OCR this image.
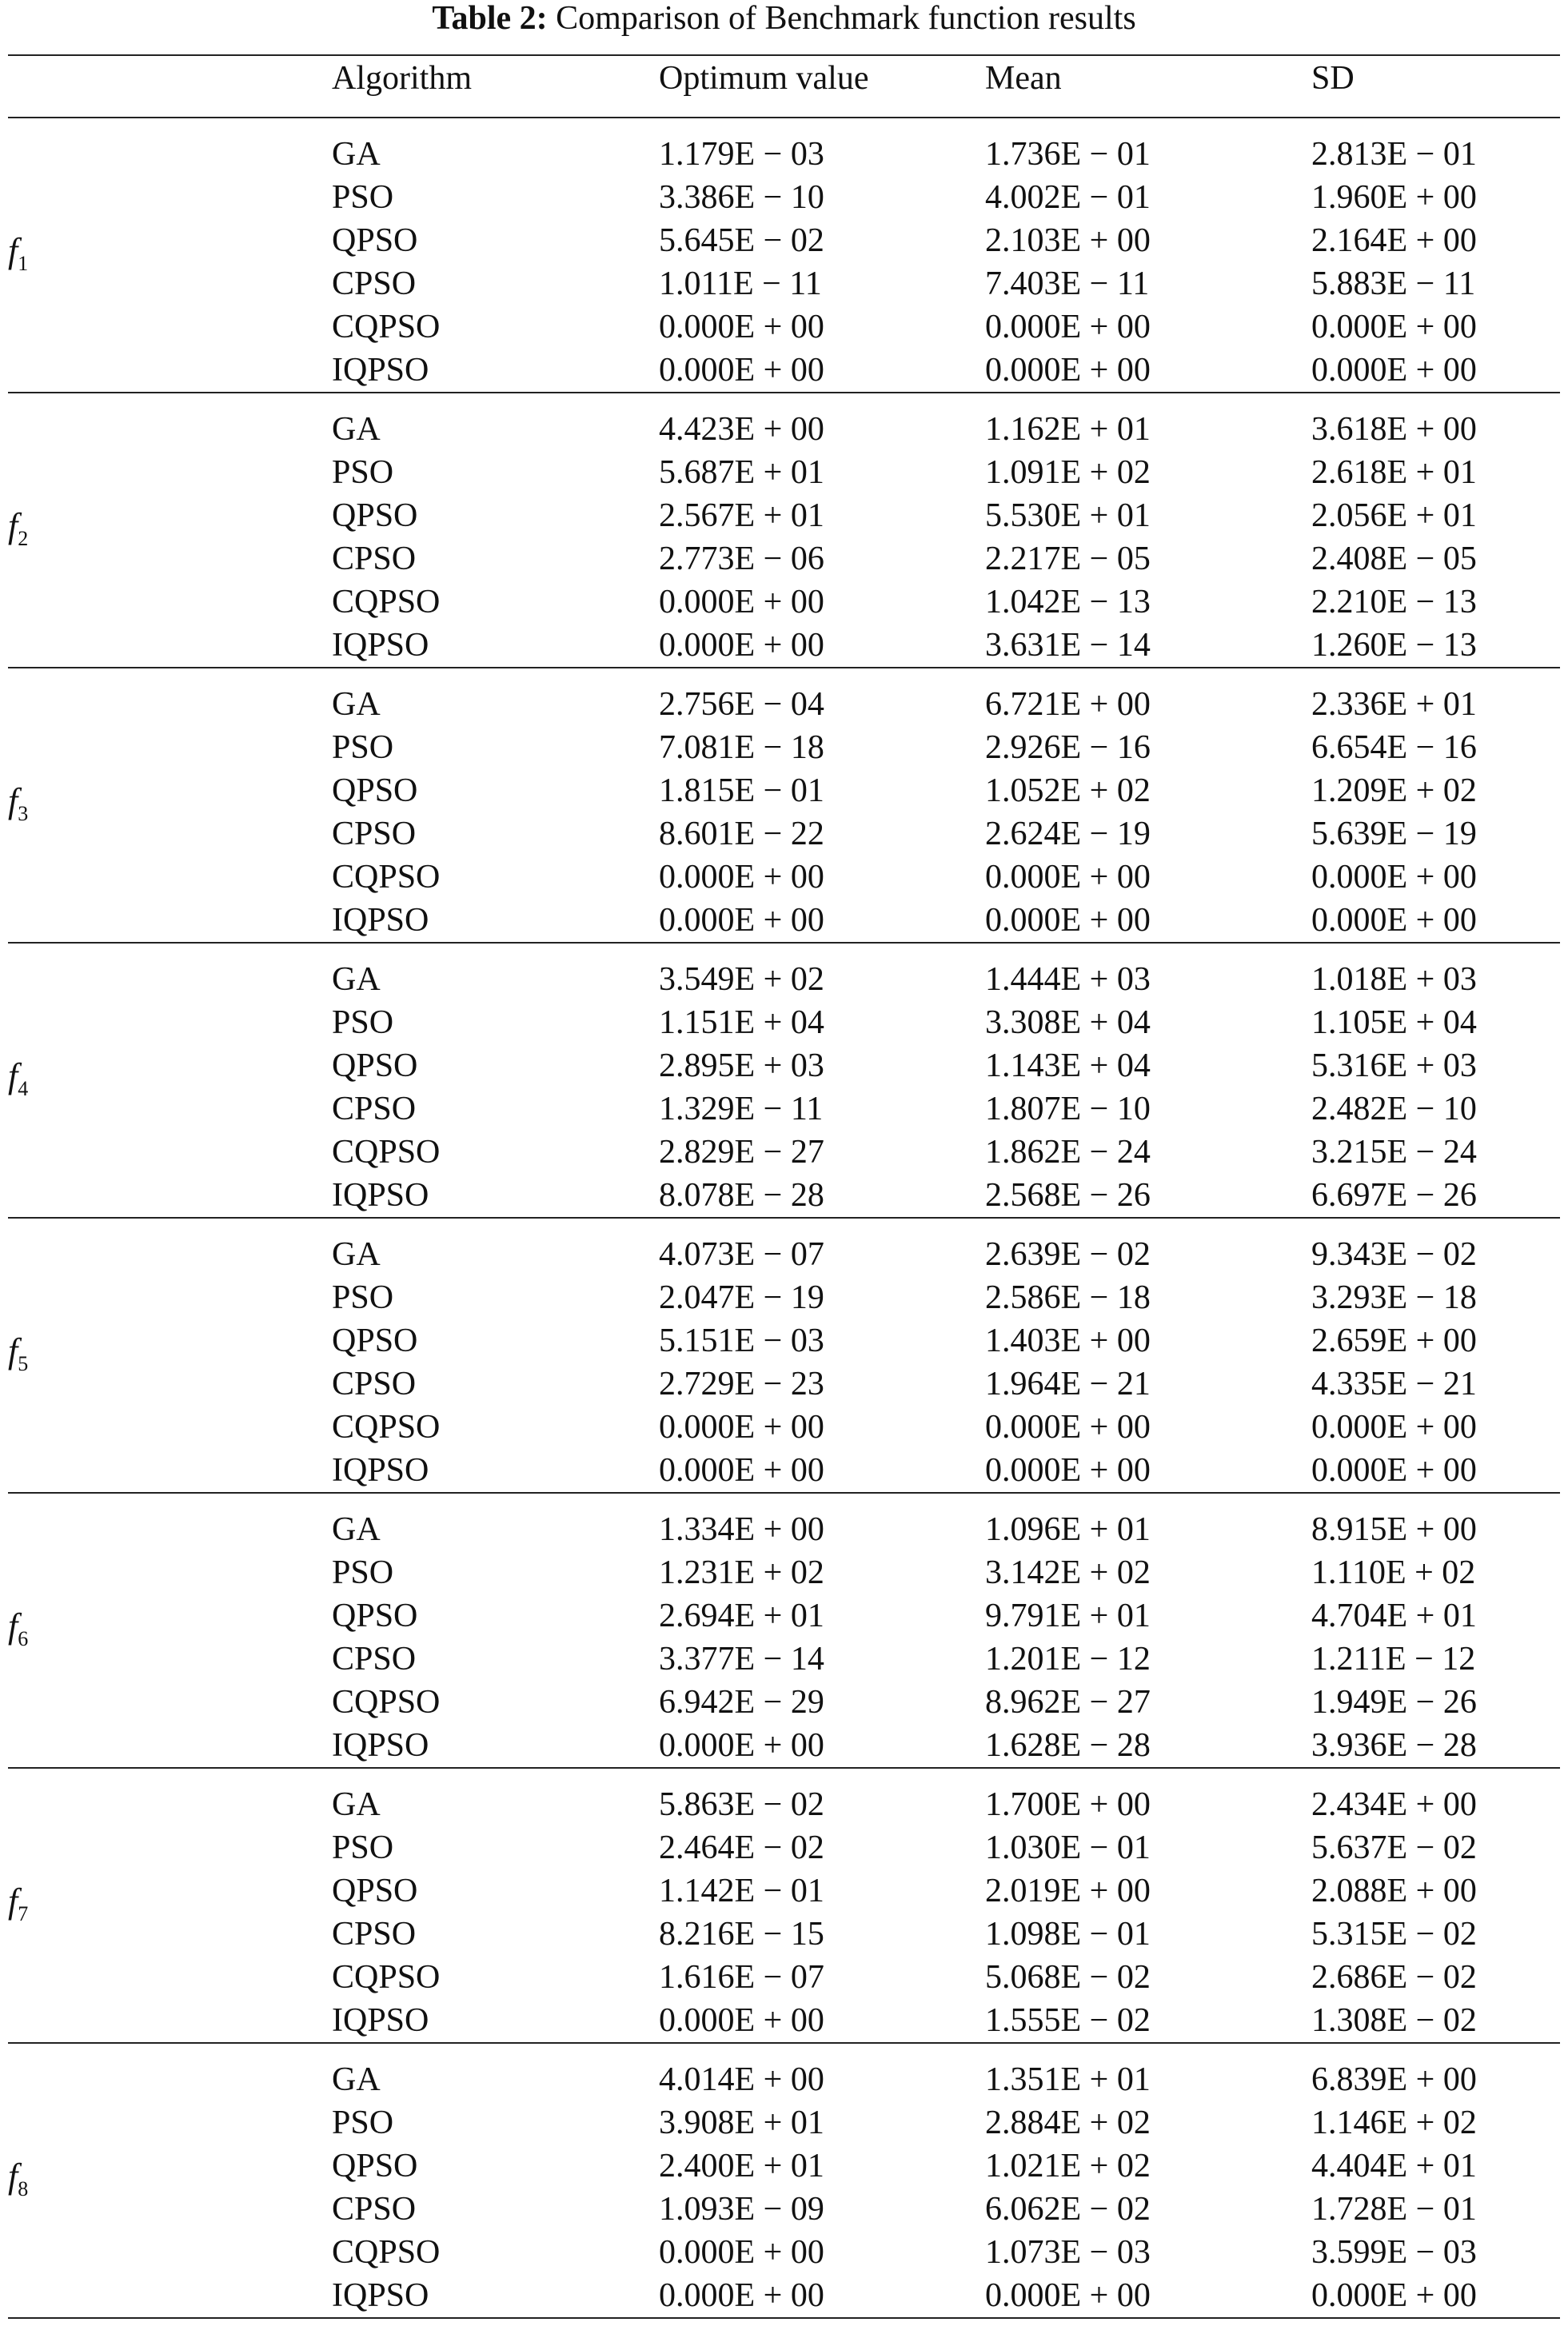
Table 2: Comparison of Benchmark function results
Algorithm	Optimum value	Mean	SD
$f_1$
GA	1.179E − 03	1.736E − 01	2.813E − 01
PSO	3.386E − 10	4.002E − 01	1.960E + 00
QPSO	5.645E − 02	2.103E + 00	2.164E + 00
CPSO	1.011E − 11	7.403E − 11	5.883E − 11
CQPSO	0.000E + 00	0.000E + 00	0.000E + 00
IQPSO	0.000E + 00	0.000E + 00	0.000E + 00
$f_2$
GA	4.423E + 00	1.162E + 01	3.618E + 00
PSO	5.687E + 01	1.091E + 02	2.618E + 01
QPSO	2.567E + 01	5.530E + 01	2.056E + 01
CPSO	2.773E − 06	2.217E − 05	2.408E − 05
CQPSO	0.000E + 00	1.042E − 13	2.210E − 13
IQPSO	0.000E + 00	3.631E − 14	1.260E − 13
$f_3$
GA	2.756E − 04	6.721E + 00	2.336E + 01
PSO	7.081E − 18	2.926E − 16	6.654E − 16
QPSO	1.815E − 01	1.052E + 02	1.209E + 02
CPSO	8.601E − 22	2.624E − 19	5.639E − 19
CQPSO	0.000E + 00	0.000E + 00	0.000E + 00
IQPSO	0.000E + 00	0.000E + 00	0.000E + 00
$f_4$
GA	3.549E + 02	1.444E + 03	1.018E + 03
PSO	1.151E + 04	3.308E + 04	1.105E + 04
QPSO	2.895E + 03	1.143E + 04	5.316E + 03
CPSO	1.329E − 11	1.807E − 10	2.482E − 10
CQPSO	2.829E − 27	1.862E − 24	3.215E − 24
IQPSO	8.078E − 28	2.568E − 26	6.697E − 26
$f_5$
GA	4.073E − 07	2.639E − 02	9.343E − 02
PSO	2.047E − 19	2.586E − 18	3.293E − 18
QPSO	5.151E − 03	1.403E + 00	2.659E + 00
CPSO	2.729E − 23	1.964E − 21	4.335E − 21
CQPSO	0.000E + 00	0.000E + 00	0.000E + 00
IQPSO	0.000E + 00	0.000E + 00	0.000E + 00
$f_6$
GA	1.334E + 00	1.096E + 01	8.915E + 00
PSO	1.231E + 02	3.142E + 02	1.110E + 02
QPSO	2.694E + 01	9.791E + 01	4.704E + 01
CPSO	3.377E − 14	1.201E − 12	1.211E − 12
CQPSO	6.942E − 29	8.962E − 27	1.949E − 26
IQPSO	0.000E + 00	1.628E − 28	3.936E − 28
$f_7$
GA	5.863E − 02	1.700E + 00	2.434E + 00
PSO	2.464E − 02	1.030E − 01	5.637E − 02
QPSO	1.142E − 01	2.019E + 00	2.088E + 00
CPSO	8.216E − 15	1.098E − 01	5.315E − 02
CQPSO	1.616E − 07	5.068E − 02	2.686E − 02
IQPSO	0.000E + 00	1.555E − 02	1.308E − 02
$f_8$
GA	4.014E + 00	1.351E + 01	6.839E + 00
PSO	3.908E + 01	2.884E + 02	1.146E + 02
QPSO	2.400E + 01	1.021E + 02	4.404E + 01
CPSO	1.093E − 09	6.062E − 02	1.728E − 01
CQPSO	0.000E + 00	1.073E − 03	3.599E − 03
IQPSO	0.000E + 00	0.000E + 00	0.000E + 00
